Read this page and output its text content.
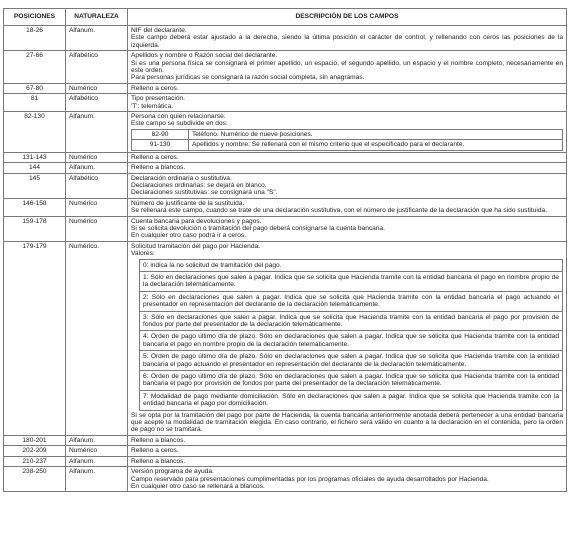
POSICIONES	NATURALEZA	DESCRIPCIÓN DE LOS CAMPOS
18-26	Alfanum.	NIF del declarante.
Este campo deberá estar ajustado a la derecha, siendo la última posición el carácter de control, y rellenando con ceros las posiciones de la izquierda.

27-66	Alfabético	Apellidos y nombre o Razón social del declarante.
Si es una persona física se consignará el primer apellido, un espacio, el segundo apellido, un espacio y el nombre completo, necesariamente en este orden.
Para personas jurídicas se consignará la razón social completa, sin anagramas.

67-80	Numérico	Relleno a ceros.

81	Alfabético	Tipo presentación.
'T': telemática.

82-130	Alfanum.	Persona con quien relacionarse.
Este campo se subdivide en dos:
82-90	Teléfono. Numérico de nueve posiciones.
91-130	Apellidos y nombre: Se rellenará con el mismo criterio que el especificado para el declarante.

131-143	Numérico	Relleno a ceros.

144	Alfanum.	Relleno a blancos.

145	Alfabético	Declaración ordinaria o sustitutiva.
Declaraciones ordinarias: se dejará en blanco.
Declaraciones sustitutivas: se consignará una "S".

146-158	Numérico	Número de justificante de la sustituida.
Se rellenará este campo, cuando se trate de una declaración sustitutiva, con el número de justificante de la declaración que ha sido sustituida.

159-178	Numérico	Cuenta bancaria para devoluciones y pagos.
Si se solicita devolución o tramitación del pago deberá consignarse la cuenta bancaria.
En cualquier otro caso podrá ir a ceros.

179-179	Numérico.	Solicitud tramitación del pago por Hacienda.
Valores:
0: indica la no solicitud de tramitación del pago.
1: Sólo en declaraciones que salen a pagar. Indica que se solicita que Hacienda tramite con la entidad bancaria el pago en nombre propio de la declaración telemáticamente.
2: Sólo en declaraciones que salen a pagar. Indica que se solicita que Hacienda tramite con la entidad bancaria el pago actuando el presentador en representación del declarante de la declaración telemáticamente.
3: Sólo en declaraciones que salen a pagar. Indica que se solicita que Hacienda tramite con la entidad bancaria el pago por provisión de fondos por parte del presentador de la declaración telemáticamente.
4: Orden de pago último día de plazo. Sólo en declaraciones que salen a pagar. Indica que se solicita que Hacienda tramite con la entidad bancaria el pago en nombre propio de la declaración telemáticamente.
5: Orden de pago último día de plazo. Sólo en declaraciones que salen a pagar. Indica que se solicita que Hacienda tramite con la entidad bancaria el pago actuando el presentador en representación del declarante de la declaración telemáticamente.
6: Orden de pago último día de plazo. Sólo en declaraciones que salen a pagar. Indica que se solicita que Hacienda tramite con la entidad bancaria el pago por provisión de fondos por parte del presentador de la declaración telemáticamente.
7: Modalidad de pago mediante domiciliación. Sólo en declaraciones que salen a pagar. Indica que se solicita que Hacienda tramite con la entidad bancaria el pago por domiciliación.
Si se opta por la tramitación del pago por parte de Hacienda, la cuenta bancaria anteriormente anotada deberá pertenecer a una entidad bancaria que acepte la modalidad de tramitación elegida. En caso contrario, el fichero será válido en cuanto a la declaración en el contenida, pero la orden de pago no se tramitará.

180-201	Alfanum.	Relleno a blancos.

202-209	Numérico	Relleno a ceros.

210-237	Alfanum.	Relleno a blancos.

238-250	Alfanum.	Versión programa de ayuda.
Campo reservado para presentaciones cumplimentadas por los programas oficiales de ayuda desarrollados por Hacienda.
En cualquier otro caso se rellenará a blancos.
